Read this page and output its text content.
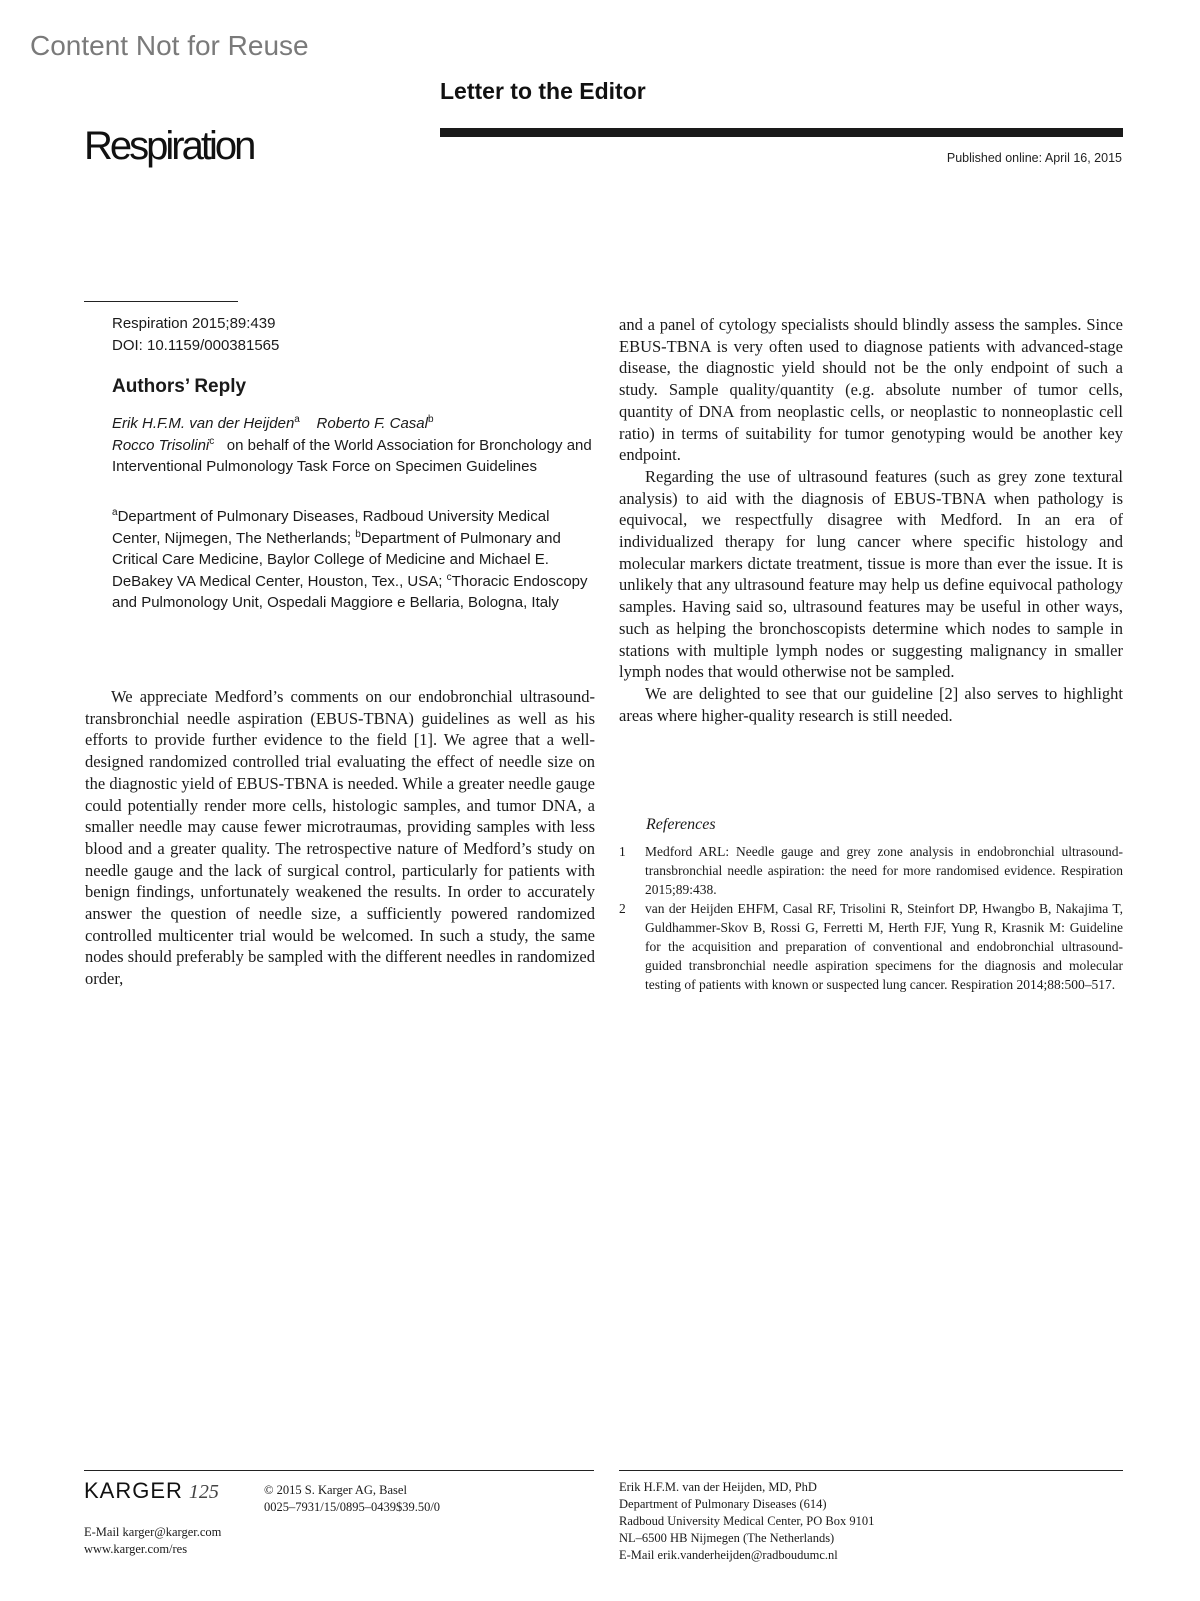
Content Not for Reuse
Letter to the Editor
Respiration	Published online: April 16, 2015
Respiration 2015;89:439
DOI: 10.1159/000381565
Authors’ Reply
Erik H.F.M. van der Heijden$^a$ Roberto F. Casal$^b$
Rocco Trisolini$^c$ on behalf of the World Association for Bronchology and Interventional Pulmonology Task Force on Specimen Guidelines
$^a$Department of Pulmonary Diseases, Radboud University Medical Center, Nijmegen, The Netherlands; $^b$Department of Pulmonary and Critical Care Medicine, Baylor College of Medicine and Michael E. DeBakey VA Medical Center, Houston, Tex., USA; $^c$Thoracic Endoscopy and Pulmonology Unit, Ospedali Maggiore e Bellaria, Bologna, Italy

We appreciate Medford’s comments on our endobronchial ultrasound-transbronchial needle aspiration (EBUS-TBNA) guidelines as well as his efforts to provide further evidence to the field [1]. We agree that a well-designed randomized controlled trial evaluating the effect of needle size on the diagnostic yield of EBUS-TBNA is needed. While a greater needle gauge could potentially render more cells, histologic samples, and tumor DNA, a smaller needle may cause fewer microtraumas, providing samples with less blood and a greater quality. The retrospective nature of Medford’s study on needle gauge and the lack of surgical control, particularly for patients with benign findings, unfortunately weakened the results. In order to accurately answer the question of needle size, a sufficiently powered randomized controlled multicenter trial would be welcomed. In such a study, the same nodes should preferably be sampled with the different needles in randomized order,

and a panel of cytology specialists should blindly assess the samples. Since EBUS-TBNA is very often used to diagnose patients with advanced-stage disease, the diagnostic yield should not be the only endpoint of such a study. Sample quality/quantity (e.g. absolute number of tumor cells, quantity of DNA from neoplastic cells, or neoplastic to nonneoplastic cell ratio) in terms of suitability for tumor genotyping would be another key endpoint.

Regarding the use of ultrasound features (such as grey zone textural analysis) to aid with the diagnosis of EBUS-TBNA when pathology is equivocal, we respectfully disagree with Medford. In an era of individualized therapy for lung cancer where specific histology and molecular markers dictate treatment, tissue is more than ever the issue. It is unlikely that any ultrasound feature may help us define equivocal pathology samples. Having said so, ultrasound features may be useful in other ways, such as helping the bronchoscopists determine which nodes to sample in stations with multiple lymph nodes or suggesting malignancy in smaller lymph nodes that would otherwise not be sampled.

We are delighted to see that our guideline [2] also serves to highlight areas where higher-quality research is still needed.

References
1	Medford ARL: Needle gauge and grey zone analysis in endobronchial ultrasound-transbronchial needle aspiration: the need for more randomised evidence. Respiration 2015;89:438.
2	van der Heijden EHFM, Casal RF, Trisolini R, Steinfort DP, Hwangbo B, Nakajima T, Guldhammer-Skov B, Rossi G, Ferretti M, Herth FJF, Yung R, Krasnik M: Guideline for the acquisition and preparation of conventional and endobronchial ultrasound-guided transbronchial needle aspiration specimens for the diagnosis and molecular testing of patients with known or suspected lung cancer. Respiration 2014;88:500–517.
KARGER 125	© 2015 S. Karger AG, Basel
0025–7931/15/0895–0439$39.50/0
E-Mail karger@karger.com
www.karger.com/res
Erik H.F.M. van der Heijden, MD, PhD
Department of Pulmonary Diseases (614)
Radboud University Medical Center, PO Box 9101
NL–6500 HB Nijmegen (The Netherlands)
E-Mail erik.vanderheijden@radboudumc.nl
